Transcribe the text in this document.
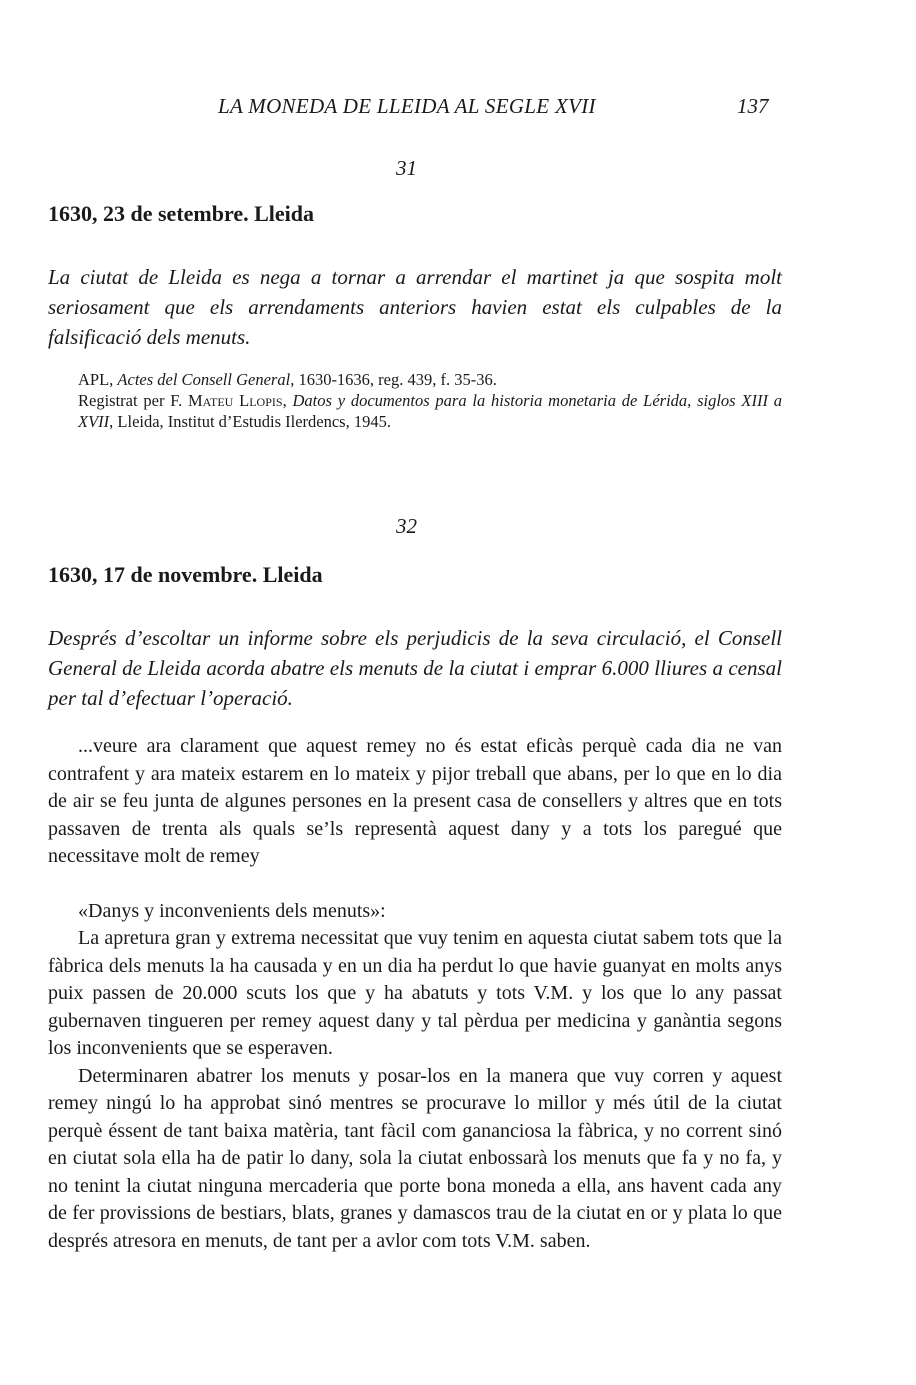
LA MONEDA DE LLEIDA AL SEGLE XVII	137
31
1630, 23 de setembre. Lleida
La ciutat de Lleida es nega a tornar a arrendar el martinet ja que sospita molt seriosament que els arrendaments anteriors havien estat els culpables de la falsificació dels menuts.

APL, Actes del Consell General, 1630-1636, reg. 439, f. 35-36.

Registrat per F. Mateu Llopis, Datos y documentos para la historia monetaria de Lérida, siglos XIII a XVII, Lleida, Institut d’Estudis Ilerdencs, 1945.

32
1630, 17 de novembre. Lleida
Després d’escoltar un informe sobre els perjudicis de la seva circulació, el Consell General de Lleida acorda abatre els menuts de la ciutat i emprar 6.000 lliures a censal per tal d’efectuar l’operació.

...veure ara clarament que aquest remey no és estat eficàs perquè cada dia ne van contrafent y ara mateix estarem en lo mateix y pijor treball que abans, per lo que en lo dia de air se feu junta de algunes persones en la present casa de consellers y altres que en tots passaven de trenta als quals se’ls representà aquest dany y a tots los paregué que necessitave molt de remey

«Danys y inconvenients dels menuts»:

La apretura gran y extrema necessitat que vuy tenim en aquesta ciutat sabem tots que la fàbrica dels menuts la ha causada y en un dia ha perdut lo que havie guanyat en molts anys puix passen de 20.000 scuts los que y ha abatuts y tots V.M. y los que lo any passat gubernaven tingueren per remey aquest dany y tal pèrdua per medicina y ganàntia segons los inconvenients que se esperaven.

Determinaren abatrer los menuts y posar-los en la manera que vuy corren y aquest remey ningú lo ha approbat sinó mentres se procurave lo millor y més útil de la ciutat perquè éssent de tant baixa matèria, tant fàcil com gananciosa la fàbrica, y no corrent sinó en ciutat sola ella ha de patir lo dany, sola la ciutat enbossarà los menuts que fa y no fa, y no tenint la ciutat ninguna mercaderia que porte bona moneda a ella, ans havent cada any de fer provissions de bestiars, blats, granes y damascos trau de la ciutat en or y plata lo que després atresora en menuts, de tant per a avlor com tots V.M. saben.
